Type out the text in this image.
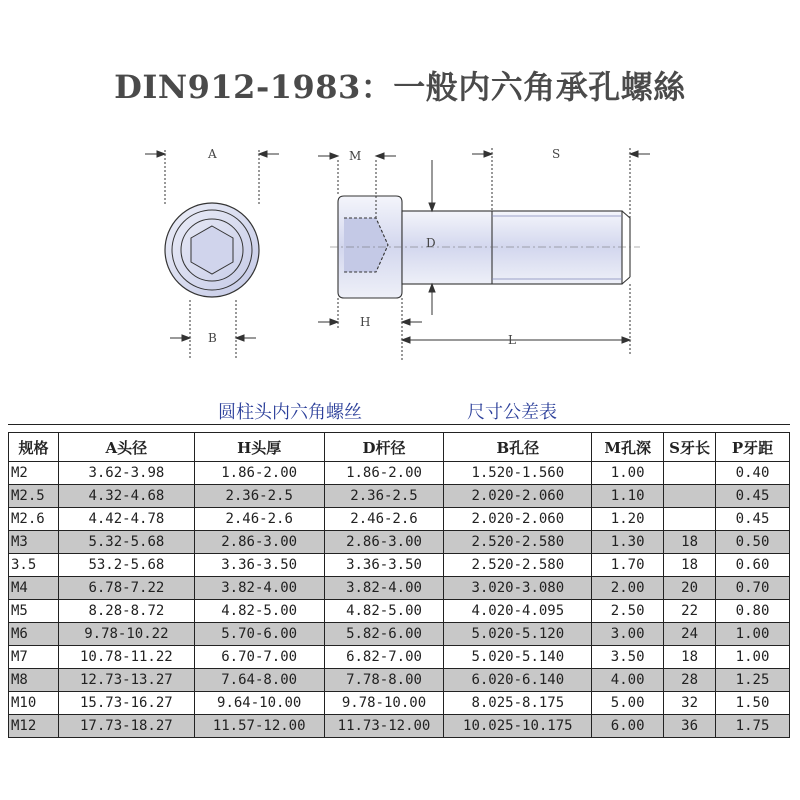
DIN912-1983：一般内六角承孔螺絲
A
B
D
M	S
H
L
圆柱头内六角螺丝	尺寸公差表
规格	A头径	H头厚	D杆径	B孔径	M孔深	S牙长	P牙距
M2	3.62-3.98	1.86-2.00	1.86-2.00	1.520-1.560	1.00		0.40
M2.5	4.32-4.68	2.36-2.5	2.36-2.5	2.020-2.060	1.10		0.45
M2.6	4.42-4.78	2.46-2.6	2.46-2.6	2.020-2.060	1.20		0.45
M3	5.32-5.68	2.86-3.00	2.86-3.00	2.520-2.580	1.30	18	0.50
3.5	53.2-5.68	3.36-3.50	3.36-3.50	2.520-2.580	1.70	18	0.60
M4	6.78-7.22	3.82-4.00	3.82-4.00	3.020-3.080	2.00	20	0.70
M5	8.28-8.72	4.82-5.00	4.82-5.00	4.020-4.095	2.50	22	0.80
M6	9.78-10.22	5.70-6.00	5.82-6.00	5.020-5.120	3.00	24	1.00
M7	10.78-11.22	6.70-7.00	6.82-7.00	5.020-5.140	3.50	18	1.00
M8	12.73-13.27	7.64-8.00	7.78-8.00	6.020-6.140	4.00	28	1.25
M10	15.73-16.27	9.64-10.00	9.78-10.00	8.025-8.175	5.00	32	1.50
M12	17.73-18.27	11.57-12.00	11.73-12.00	10.025-10.175	6.00	36	1.75
